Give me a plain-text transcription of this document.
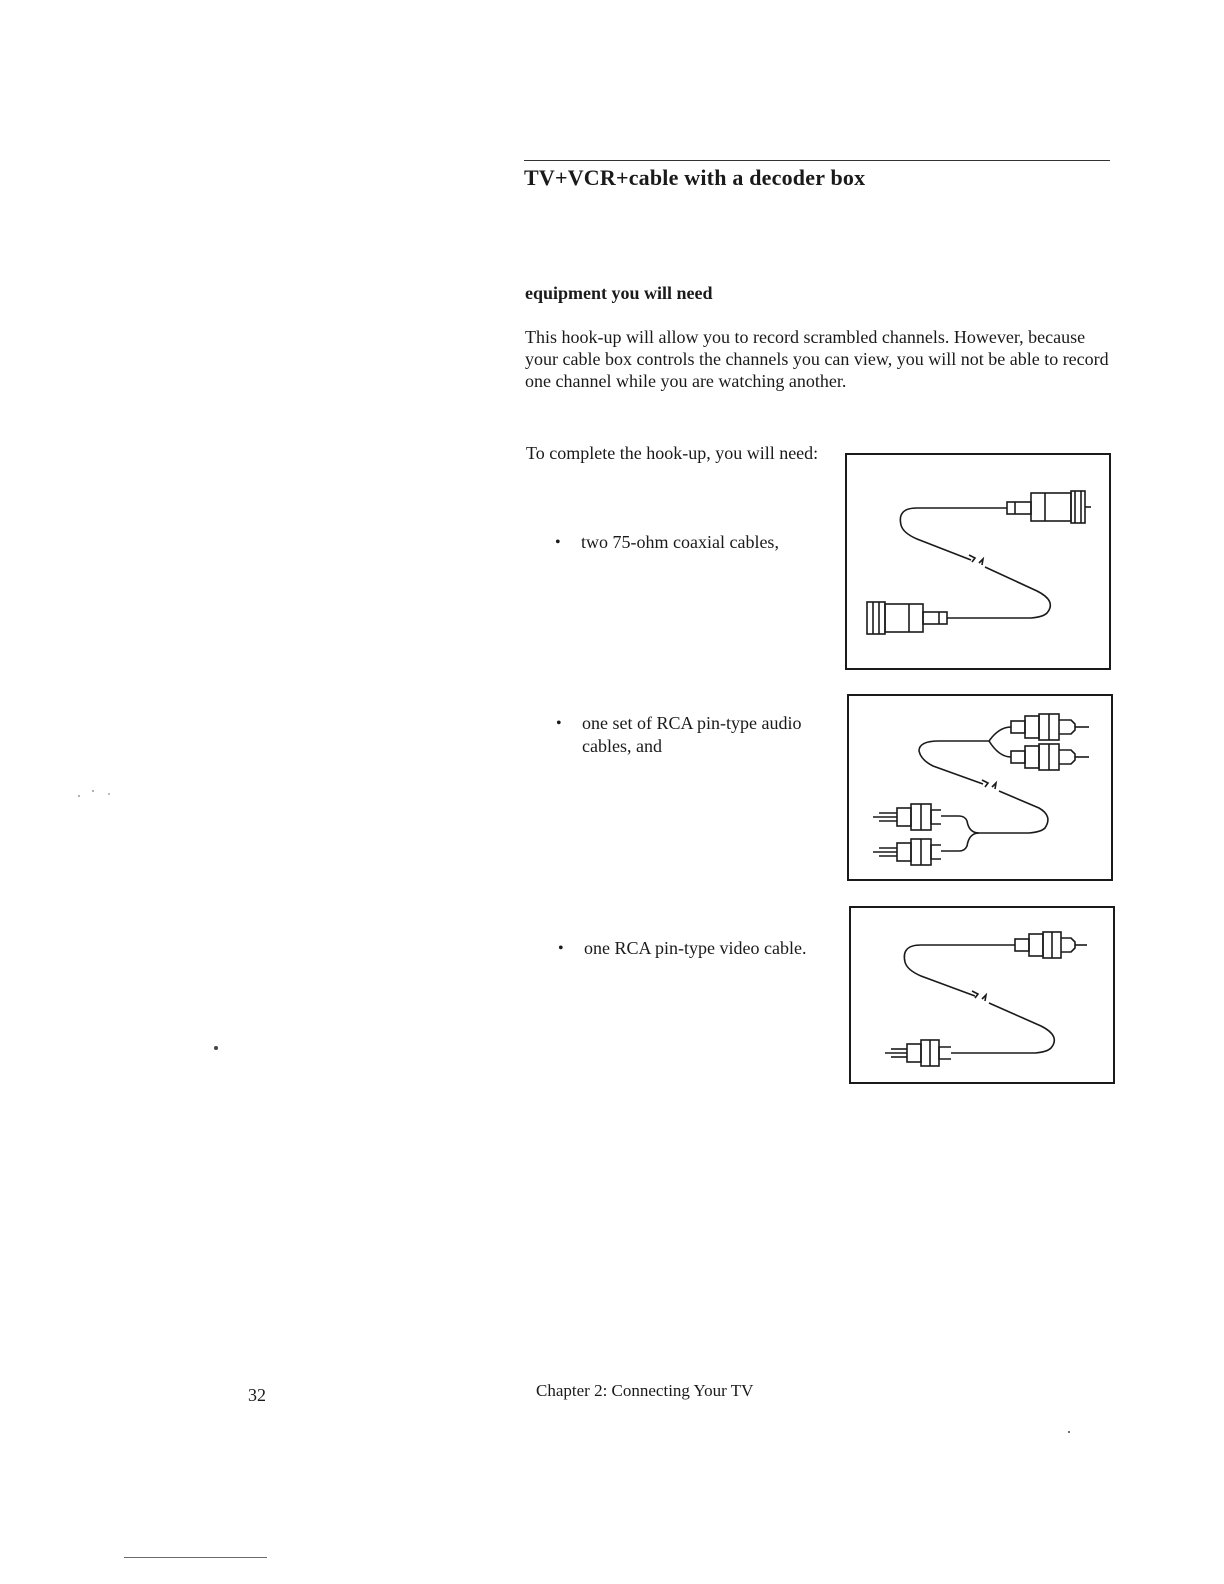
TV+VCR+cable with a decoder box
equipment you will need

This hook-up will allow you to record scrambled channels. However, because your cable box controls the channels you can view, you will not be able to record one channel while you are watching another.

To complete the hook-up, you will need:

• two 75-ohm coaxial cables,
• one set of RCA pin-type audio cables, and
• one RCA pin-type video cable.

32	Chapter 2: Connecting Your TV
